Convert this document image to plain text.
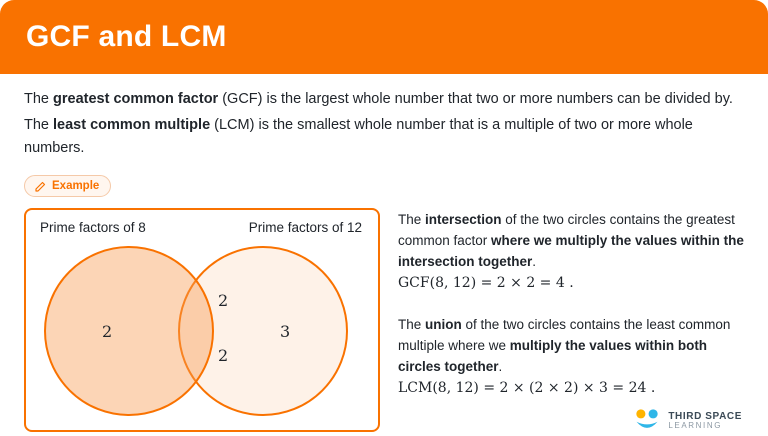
GCF and LCM
The greatest common factor (GCF) is the largest whole number that two or more numbers can be divided by.
The least common multiple (LCM) is the smallest whole number that is a multiple of two or more whole numbers.
Example
Prime factors of 8	Prime factors of 12
2
2
2
3
The intersection of the two circles contains the greatest common factor where we multiply the values within the intersection together.
GCF(8, 12) = 2 × 2 = 4 .
The union of the two circles contains the least common multiple where we multiply the values within both circles together.
LCM(8, 12) = 2 × (2 × 2) × 3 = 24 .
THIRD SPACE
LEARNING
